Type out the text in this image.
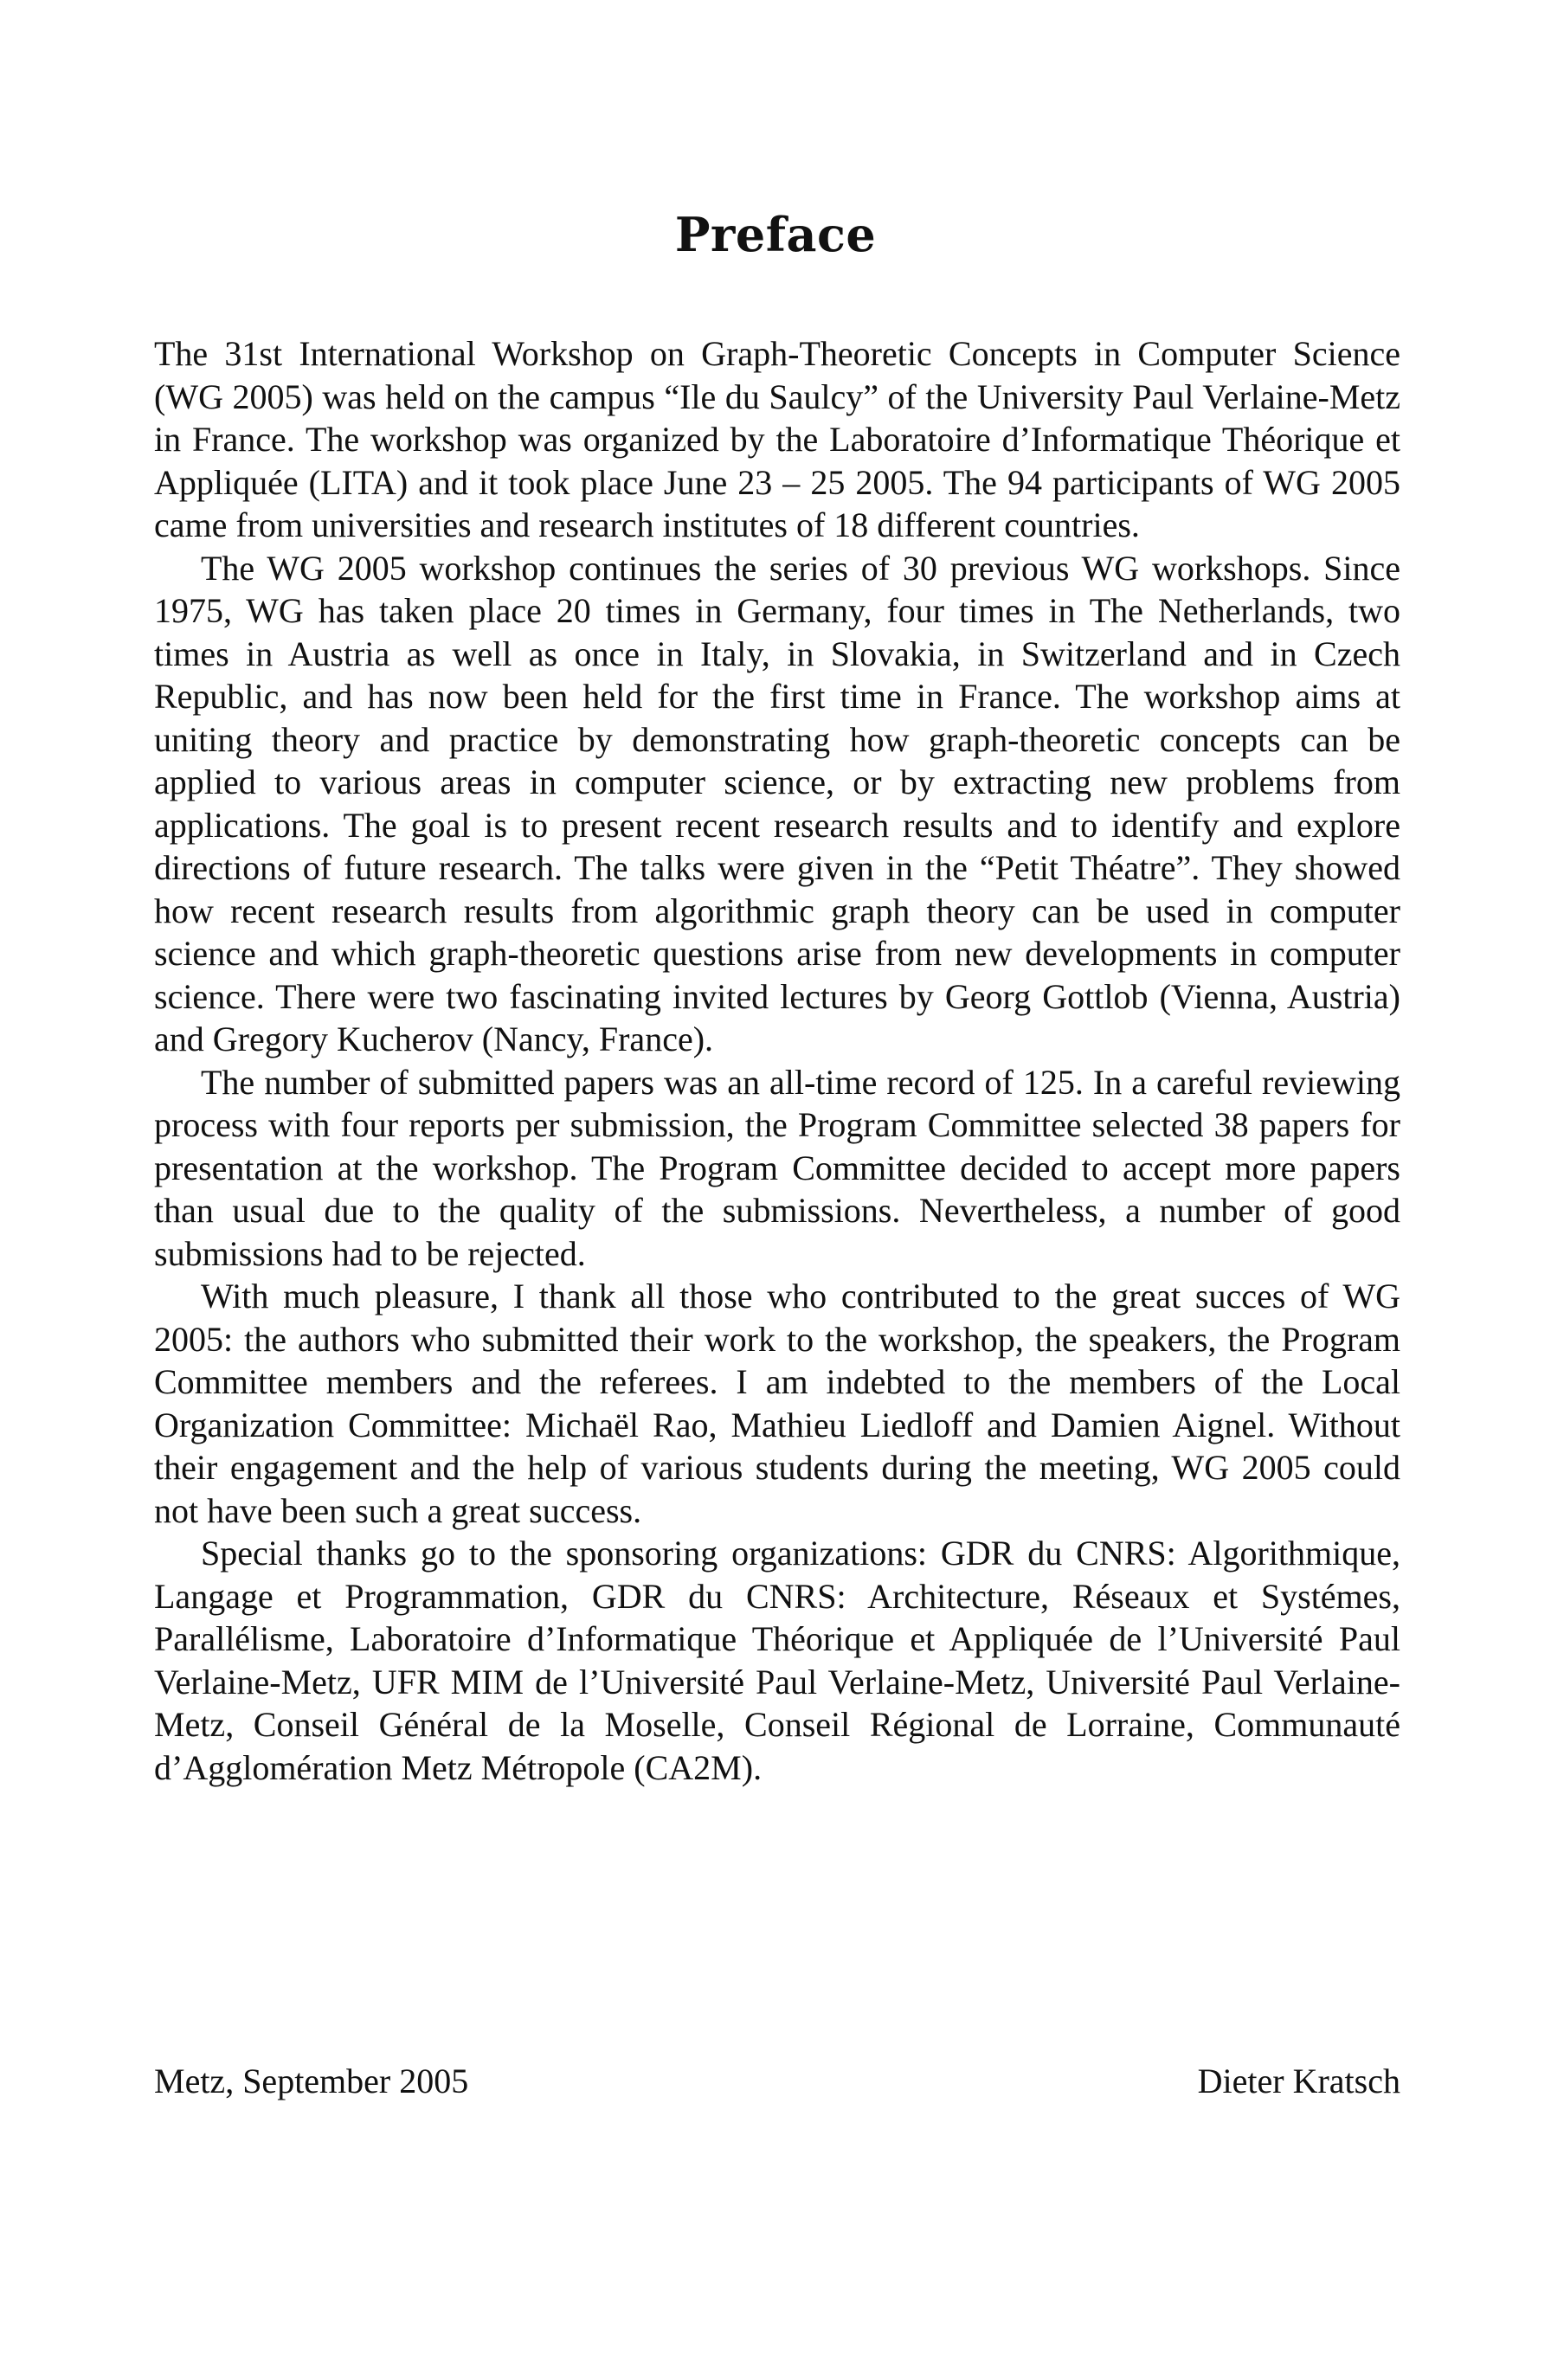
Preface

The 31st International Workshop on Graph-Theoretic Concepts in Computer Science (WG 2005) was held on the campus “Ile du Saulcy” of the University Paul Verlaine-Metz in France. The workshop was organized by the Laboratoire d’Informatique Théorique et Appliquée (LITA) and it took place June 23 – 25 2005. The 94 participants of WG 2005 came from universities and research institutes of 18 different countries.

The WG 2005 workshop continues the series of 30 previous WG workshops. Since 1975, WG has taken place 20 times in Germany, four times in The Netherlands, two times in Austria as well as once in Italy, in Slovakia, in Switzerland and in Czech Republic, and has now been held for the first time in France. The workshop aims at uniting theory and practice by demonstrating how graph-theoretic concepts can be applied to various areas in computer science, or by extracting new problems from applications. The goal is to present recent research results and to identify and explore directions of future research. The talks were given in the “Petit Théatre”. They showed how recent research results from algorithmic graph theory can be used in computer science and which graph-theoretic questions arise from new developments in computer science. There were two fascinating invited lectures by Georg Gottlob (Vienna, Austria) and Gregory Kucherov (Nancy, France).

The number of submitted papers was an all-time record of 125. In a careful reviewing process with four reports per submission, the Program Committee selected 38 papers for presentation at the workshop. The Program Committee decided to accept more papers than usual due to the quality of the submissions. Nevertheless, a number of good submissions had to be rejected.

With much pleasure, I thank all those who contributed to the great succes of WG 2005: the authors who submitted their work to the workshop, the speakers, the Program Committee members and the referees. I am indebted to the members of the Local Organization Committee: Michaël Rao, Mathieu Liedloff and Damien Aignel. Without their engagement and the help of various students during the meeting, WG 2005 could not have been such a great success.

Special thanks go to the sponsoring organizations: GDR du CNRS: Algorithmique, Langage et Programmation, GDR du CNRS: Architecture, Réseaux et Systémes, Parallélisme, Laboratoire d’Informatique Théorique et Appliquée de l’Université Paul Verlaine-Metz, UFR MIM de l’Université Paul Verlaine-Metz, Université Paul Verlaine-Metz, Conseil Général de la Moselle, Conseil Régional de Lorraine, Communauté d’Agglomération Metz Métropole (CA2M).

Metz, September 2005	Dieter Kratsch
